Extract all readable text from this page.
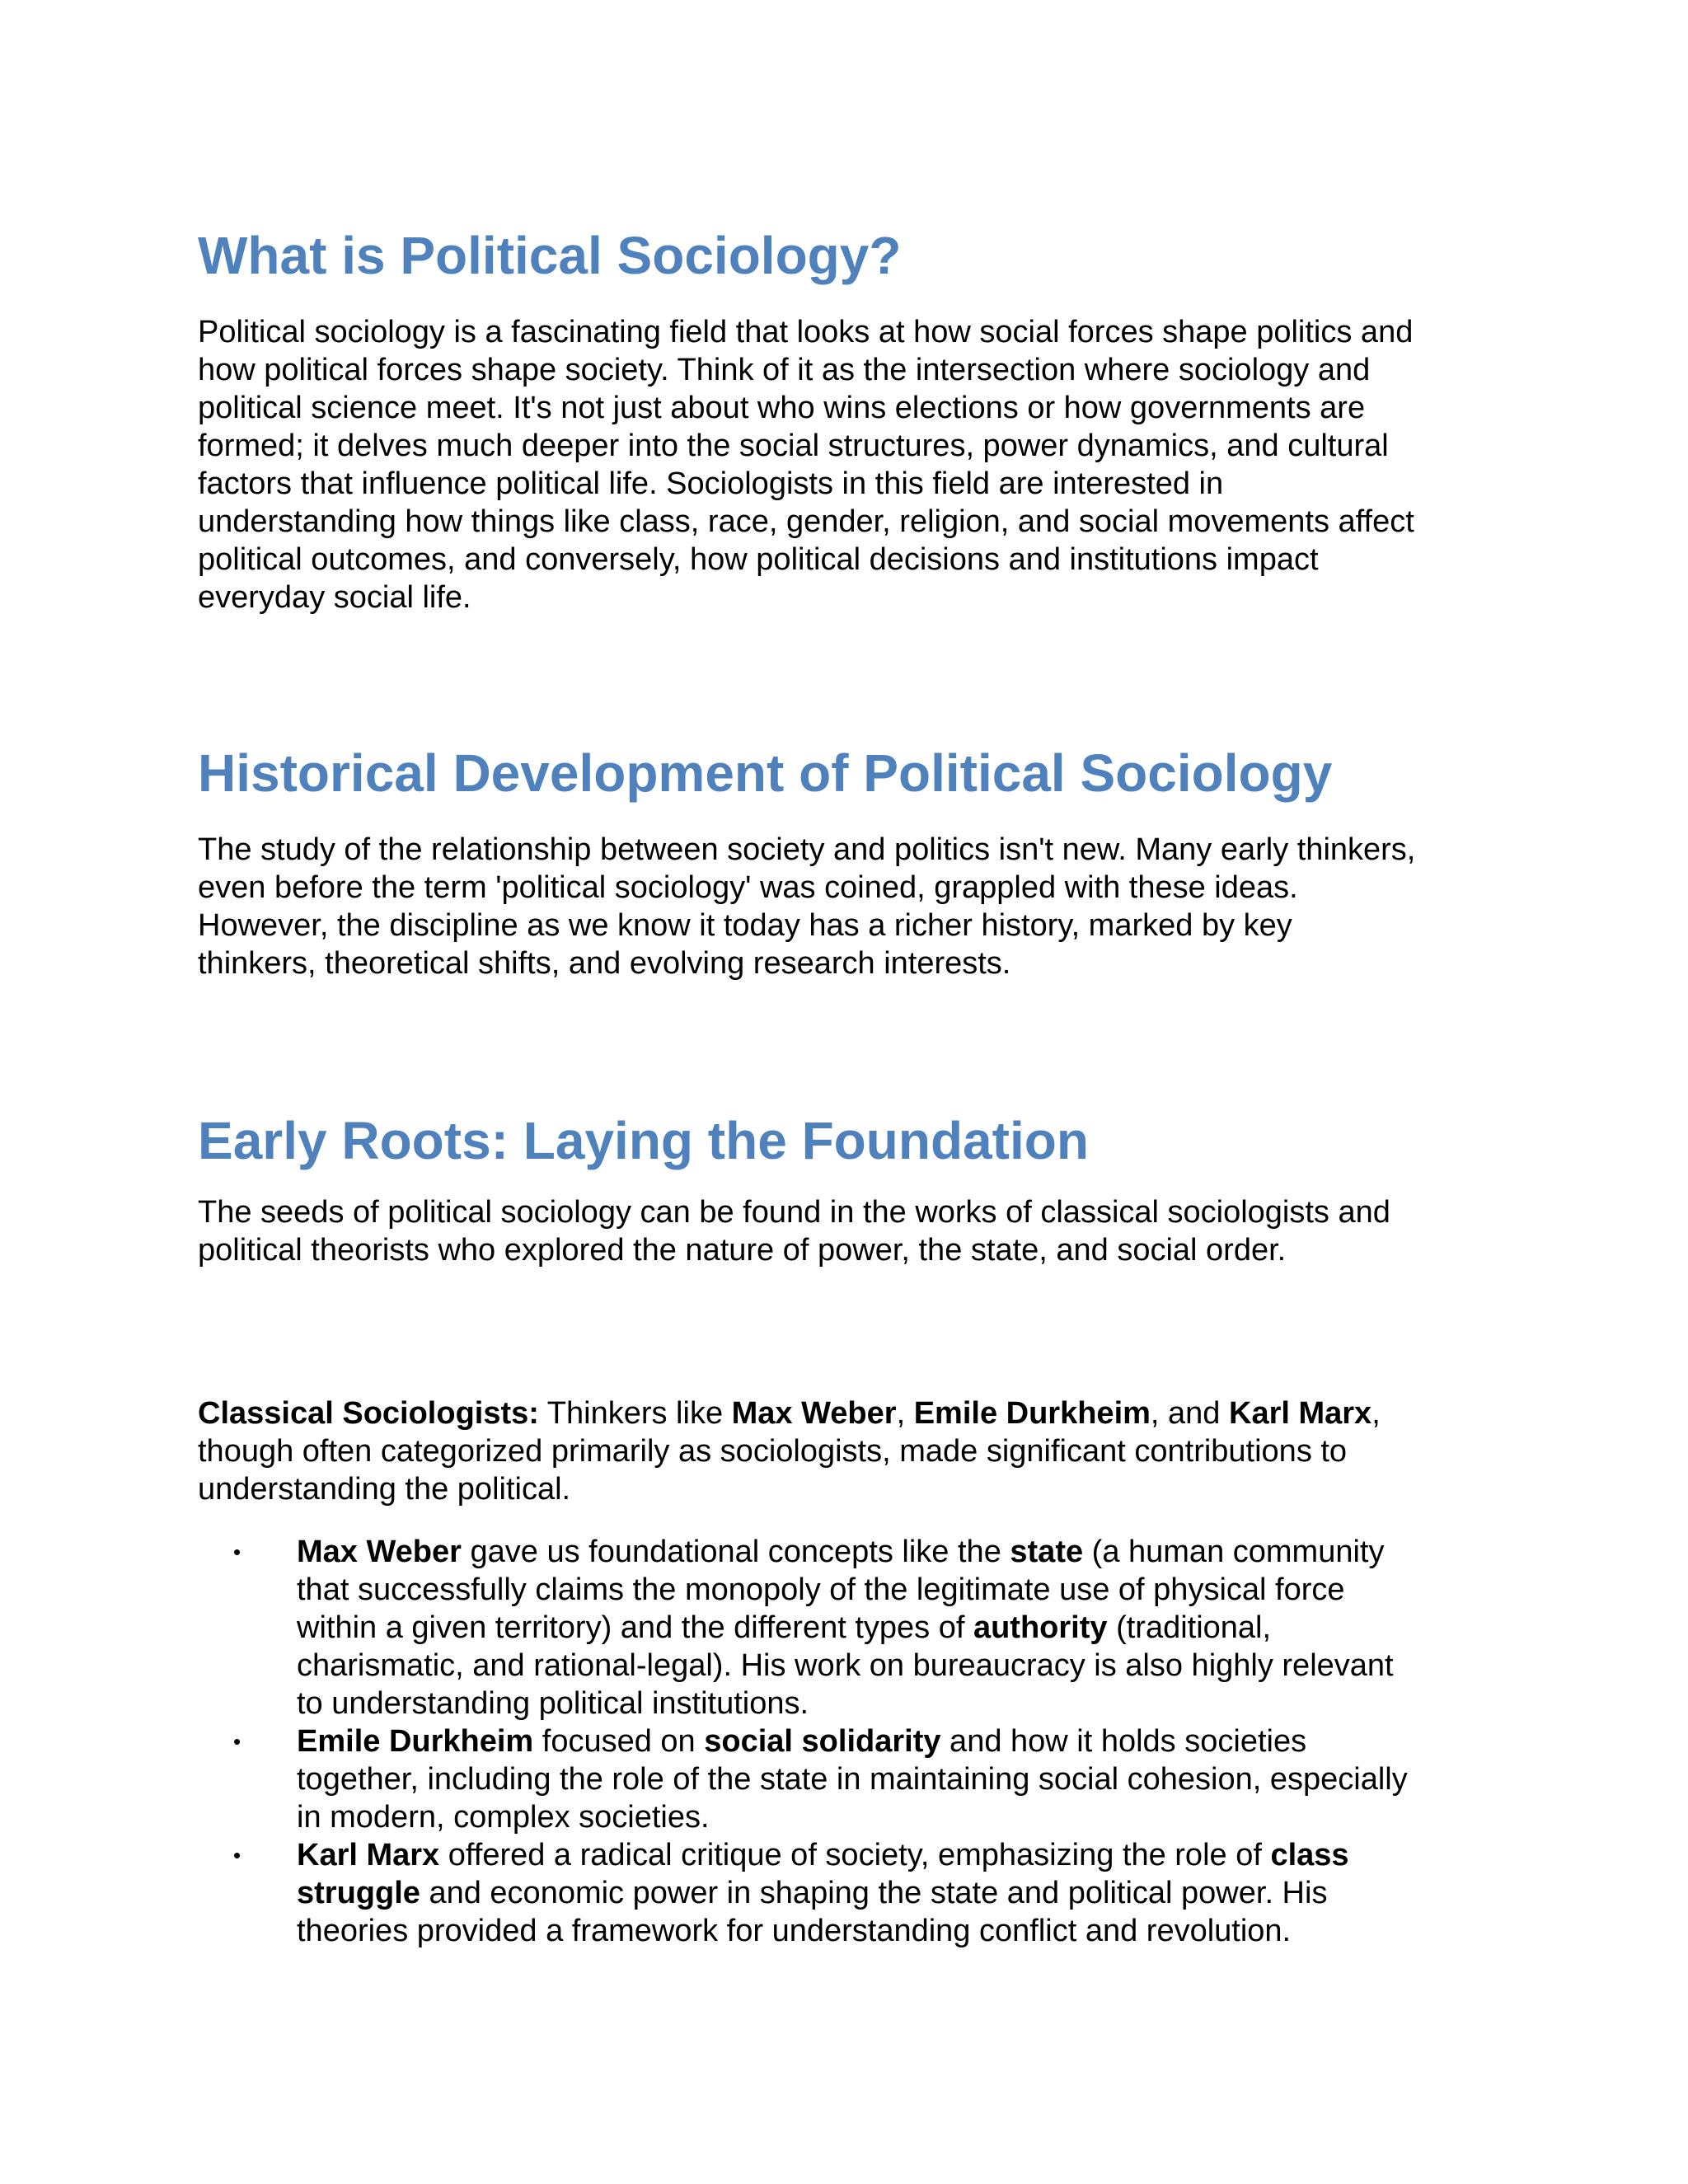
What is Political Sociology?

Political sociology is a fascinating field that looks at how social forces shape politics and
how political forces shape society. Think of it as the intersection where sociology and
political science meet. It's not just about who wins elections or how governments are
formed; it delves much deeper into the social structures, power dynamics, and cultural
factors that influence political life. Sociologists in this field are interested in
understanding how things like class, race, gender, religion, and social movements affect
political outcomes, and conversely, how political decisions and institutions impact
everyday social life.

Historical Development of Political Sociology

The study of the relationship between society and politics isn't new. Many early thinkers,
even before the term 'political sociology' was coined, grappled with these ideas.
However, the discipline as we know it today has a richer history, marked by key
thinkers, theoretical shifts, and evolving research interests.

Early Roots: Laying the Foundation

The seeds of political sociology can be found in the works of classical sociologists and
political theorists who explored the nature of power, the state, and social order.

Classical Sociologists: Thinkers like Max Weber, Emile Durkheim, and Karl Marx,
though often categorized primarily as sociologists, made significant contributions to
understanding the political.

• Max Weber gave us foundational concepts like the state (a human community
that successfully claims the monopoly of the legitimate use of physical force
within a given territory) and the different types of authority (traditional,
charismatic, and rational-legal). His work on bureaucracy is also highly relevant
to understanding political institutions.
• Emile Durkheim focused on social solidarity and how it holds societies
together, including the role of the state in maintaining social cohesion, especially
in modern, complex societies.
• Karl Marx offered a radical critique of society, emphasizing the role of class
struggle and economic power in shaping the state and political power. His
theories provided a framework for understanding conflict and revolution.
